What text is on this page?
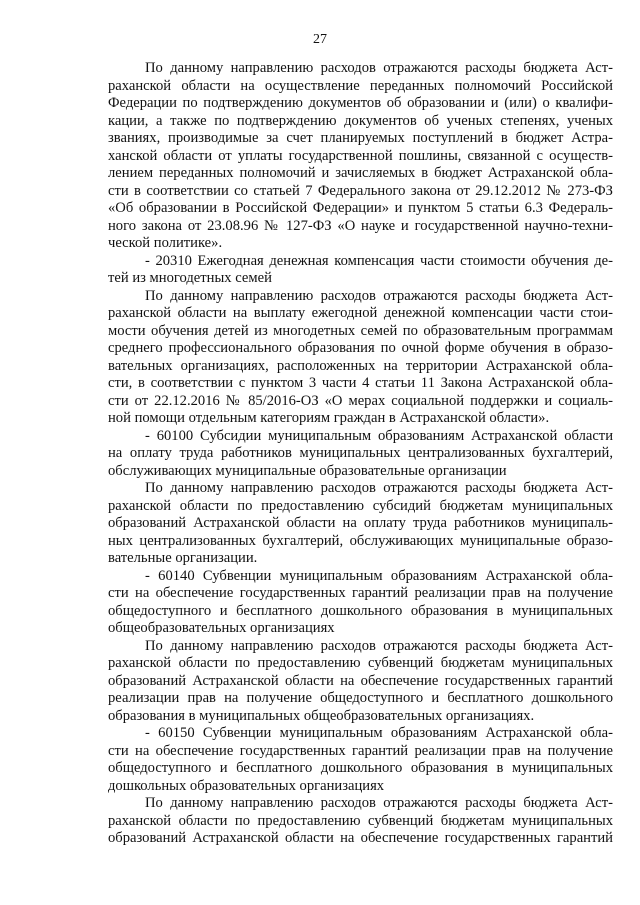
27
По данному направлению расходов отражаются расходы бюджета Аст-
раханской области на осуществление переданных полномочий Российской
Федерации по подтверждению документов об образовании и (или) о квалифи-
кации, а также по подтверждению документов об ученых степенях, ученых
званиях, производимые за счет планируемых поступлений в бюджет Астра-
ханской области от уплаты государственной пошлины, связанной с осуществ-
лением переданных полномочий и зачисляемых в бюджет Астраханской обла-
сти в соответствии со статьей 7 Федерального закона от 29.12.2012 № 273-ФЗ
«Об образовании в Российской Федерации» и пунктом 5 статьи 6.3 Федераль-
ного закона от 23.08.96 № 127-ФЗ «О науке и государственной научно-техни-
ческой политике».
- 20310 Ежегодная денежная компенсация части стоимости обучения де-
тей из многодетных семей
По данному направлению расходов отражаются расходы бюджета Аст-
раханской области на выплату ежегодной денежной компенсации части стои-
мости обучения детей из многодетных семей по образовательным программам
среднего профессионального образования по очной форме обучения в образо-
вательных организациях, расположенных на территории Астраханской обла-
сти, в соответствии с пунктом 3 части 4 статьи 11 Закона Астраханской обла-
сти от 22.12.2016 № 85/2016-ОЗ «О мерах социальной поддержки и социаль-
ной помощи отдельным категориям граждан в Астраханской области».
- 60100 Субсидии муниципальным образованиям Астраханской области
на оплату труда работников муниципальных централизованных бухгалтерий,
обслуживающих муниципальные образовательные организации
По данному направлению расходов отражаются расходы бюджета Аст-
раханской области по предоставлению субсидий бюджетам муниципальных
образований Астраханской области на оплату труда работников муниципаль-
ных централизованных бухгалтерий, обслуживающих муниципальные образо-
вательные организации.
- 60140 Субвенции муниципальным образованиям Астраханской обла-
сти на обеспечение государственных гарантий реализации прав на получение
общедоступного и бесплатного дошкольного образования в муниципальных
общеобразовательных организациях
По данному направлению расходов отражаются расходы бюджета Аст-
раханской области по предоставлению субвенций бюджетам муниципальных
образований Астраханской области на обеспечение государственных гарантий
реализации прав на получение общедоступного и бесплатного дошкольного
образования в муниципальных общеобразовательных организациях.
- 60150 Субвенции муниципальным образованиям Астраханской обла-
сти на обеспечение государственных гарантий реализации прав на получение
общедоступного и бесплатного дошкольного образования в муниципальных
дошкольных образовательных организациях
По данному направлению расходов отражаются расходы бюджета Аст-
раханской области по предоставлению субвенций бюджетам муниципальных
образований Астраханской области на обеспечение государственных гарантий
